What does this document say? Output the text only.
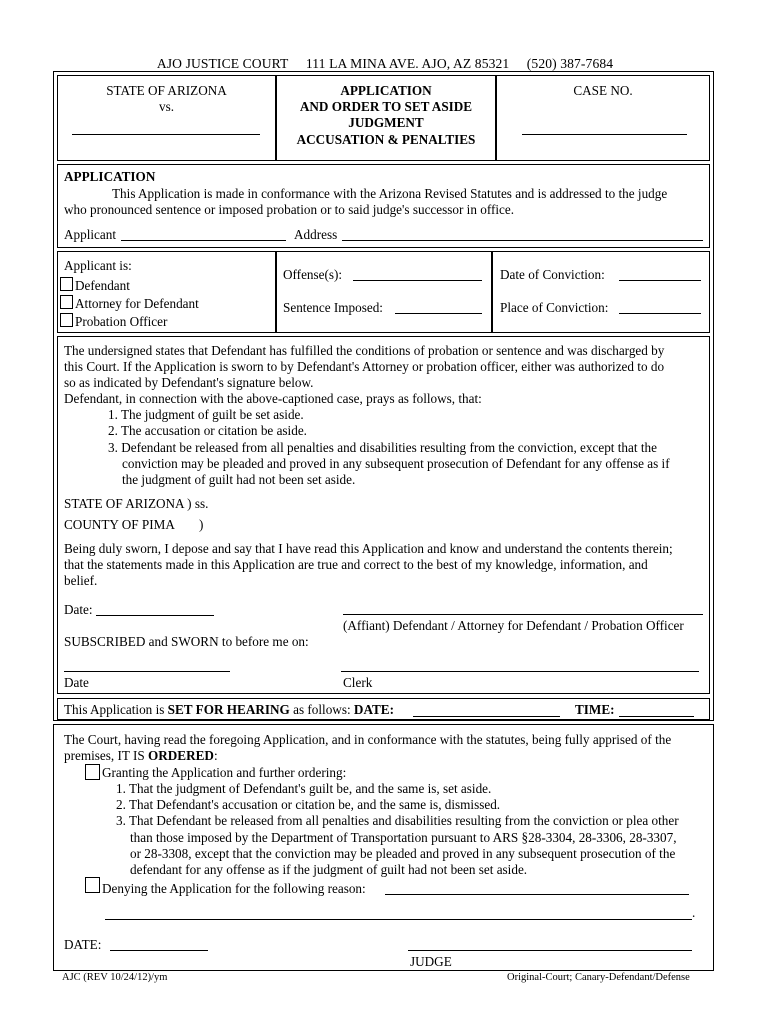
AJO JUSTICE COURT 111 LA MINA AVE. AJO, AZ 85321 (520) 387-7684
STATE OF ARIZONA
vs.
APPLICATION
AND ORDER TO SET ASIDE
JUDGMENT
ACCUSATION & PENALTIES
CASE NO.
APPLICATION
This Application is made in conformance with the Arizona Revised Statutes and is addressed to the judge
who pronounced sentence or imposed probation or to said judge's successor in office.
Applicant	Address
Applicant is:
Defendant
Attorney for Defendant
Probation Officer
Offense(s):
Sentence Imposed:
Date of Conviction:
Place of Conviction:
The undersigned states that Defendant has fulfilled the conditions of probation or sentence and was discharged by
this Court. If the Application is sworn to by Defendant's Attorney or probation officer, either was authorized to do
so as indicated by Defendant's signature below.
Defendant, in connection with the above-captioned case, prays as follows, that:
1. The judgment of guilt be set aside.
2. The accusation or citation be aside.
3. Defendant be released from all penalties and disabilities resulting from the conviction, except that the
conviction may be pleaded and proved in any subsequent prosecution of Defendant for any offense as if
the judgment of guilt had not been set aside.
STATE OF ARIZONA ) ss.
COUNTY OF PIMA )
Being duly sworn, I depose and say that I have read this Application and know and understand the contents therein;
that the statements made in this Application are true and correct to the best of my knowledge, information, and
belief.
Date:
(Affiant) Defendant / Attorney for Defendant / Probation Officer
SUBSCRIBED and SWORN to before me on:
Date	Clerk
This Application is SET FOR HEARING as follows: DATE:	TIME:
The Court, having read the foregoing Application, and in conformance with the statutes, being fully apprised of the
premises, IT IS ORDERED:
Granting the Application and further ordering:
1. That the judgment of Defendant's guilt be, and the same is, set aside.
2. That Defendant's accusation or citation be, and the same is, dismissed.
3. That Defendant be released from all penalties and disabilities resulting from the conviction or plea other
than those imposed by the Department of Transportation pursuant to ARS §28-3304, 28-3306, 28-3307,
or 28-3308, except that the conviction may be pleaded and proved in any subsequent prosecution of the
defendant for any offense as if the judgment of guilt had not been set aside.
Denying the Application for the following reason:
.
DATE:
JUDGE
AJC (REV 10/24/12)/ym	Original-Court; Canary-Defendant/Defense
